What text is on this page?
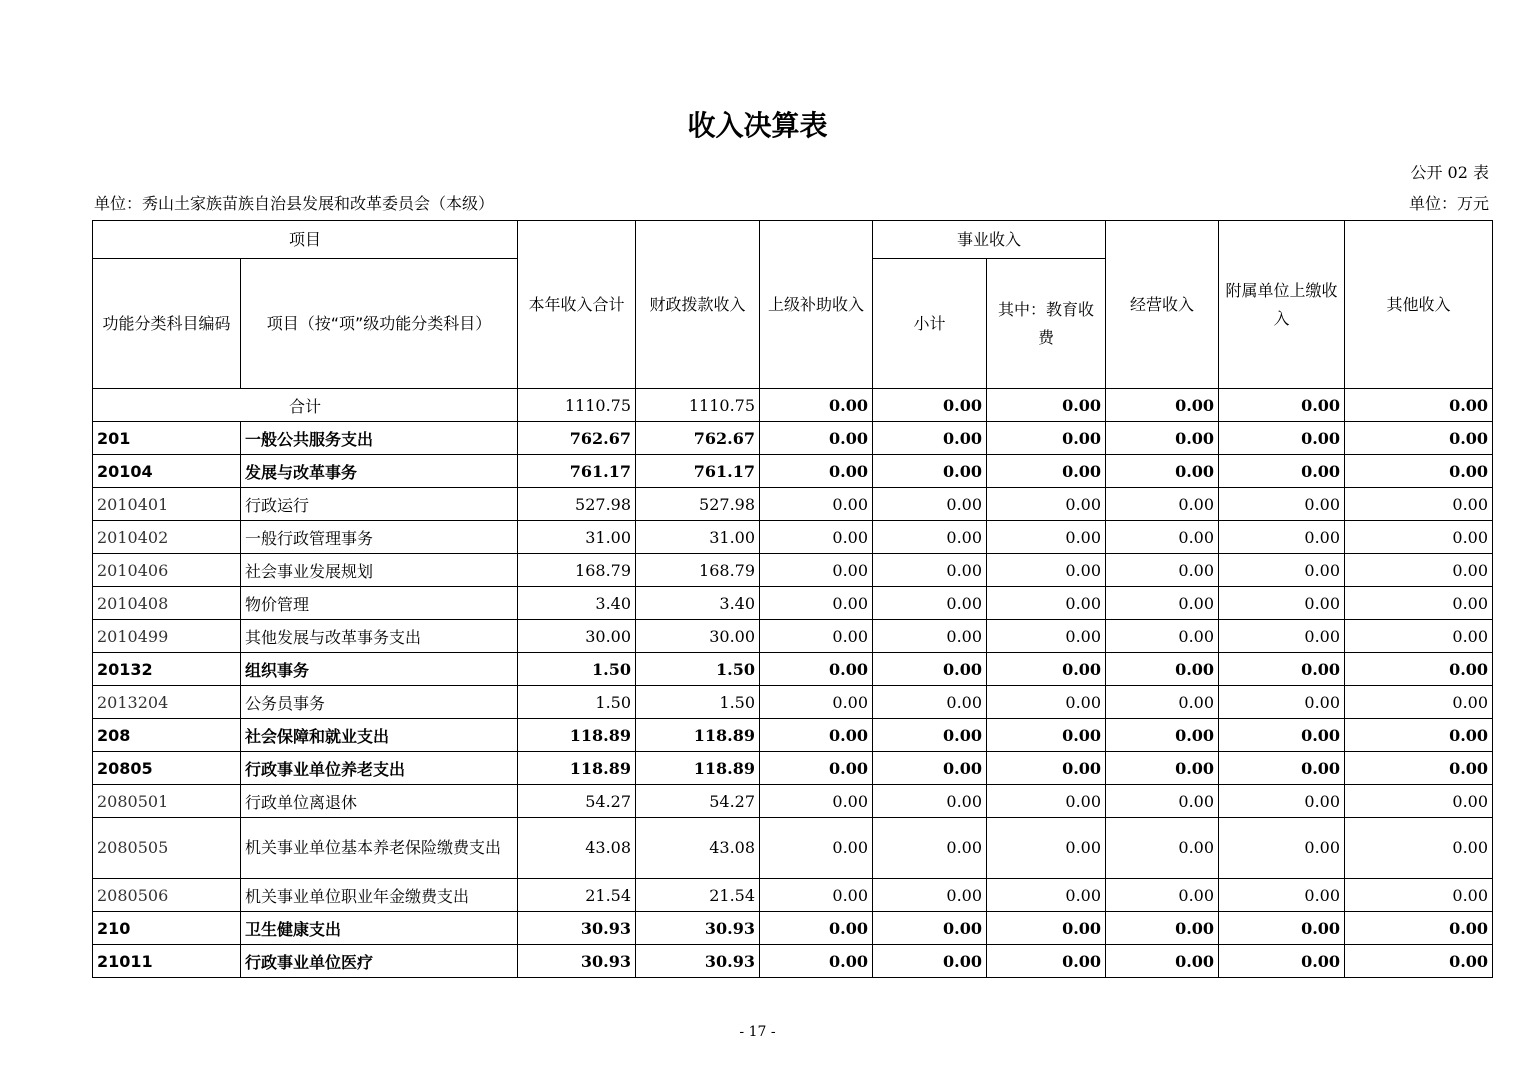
收入决算表
公开 02 表
单位：秀山土家族苗族自治县发展和改革委员会（本级）	单位：万元
项目		本年收入合计	财政拨款收入	上级补助收入	事业收入		经营收入	附属单位上缴收入	其他收入
功能分类科目编码	项目（按“项”级功能分类科目）				小计	其中：教育收费			
合计		1110.75	1110.75	0.00	0.00	0.00	0.00	0.00	0.00
201	一般公共服务支出	762.67	762.67	0.00	0.00	0.00	0.00	0.00	0.00
20104	发展与改革事务	761.17	761.17	0.00	0.00	0.00	0.00	0.00	0.00
2010401	行政运行	527.98	527.98	0.00	0.00	0.00	0.00	0.00	0.00
2010402	一般行政管理事务	31.00	31.00	0.00	0.00	0.00	0.00	0.00	0.00
2010406	社会事业发展规划	168.79	168.79	0.00	0.00	0.00	0.00	0.00	0.00
2010408	物价管理	3.40	3.40	0.00	0.00	0.00	0.00	0.00	0.00
2010499	其他发展与改革事务支出	30.00	30.00	0.00	0.00	0.00	0.00	0.00	0.00
20132	组织事务	1.50	1.50	0.00	0.00	0.00	0.00	0.00	0.00
2013204	公务员事务	1.50	1.50	0.00	0.00	0.00	0.00	0.00	0.00
208	社会保障和就业支出	118.89	118.89	0.00	0.00	0.00	0.00	0.00	0.00
20805	行政事业单位养老支出	118.89	118.89	0.00	0.00	0.00	0.00	0.00	0.00
2080501	行政单位离退休	54.27	54.27	0.00	0.00	0.00	0.00	0.00	0.00
2080505	机关事业单位基本养老保险缴费支出	43.08	43.08	0.00	0.00	0.00	0.00	0.00	0.00
2080506	机关事业单位职业年金缴费支出	21.54	21.54	0.00	0.00	0.00	0.00	0.00	0.00
210	卫生健康支出	30.93	30.93	0.00	0.00	0.00	0.00	0.00	0.00
21011	行政事业单位医疗	30.93	30.93	0.00	0.00	0.00	0.00	0.00	0.00
- 17 -
